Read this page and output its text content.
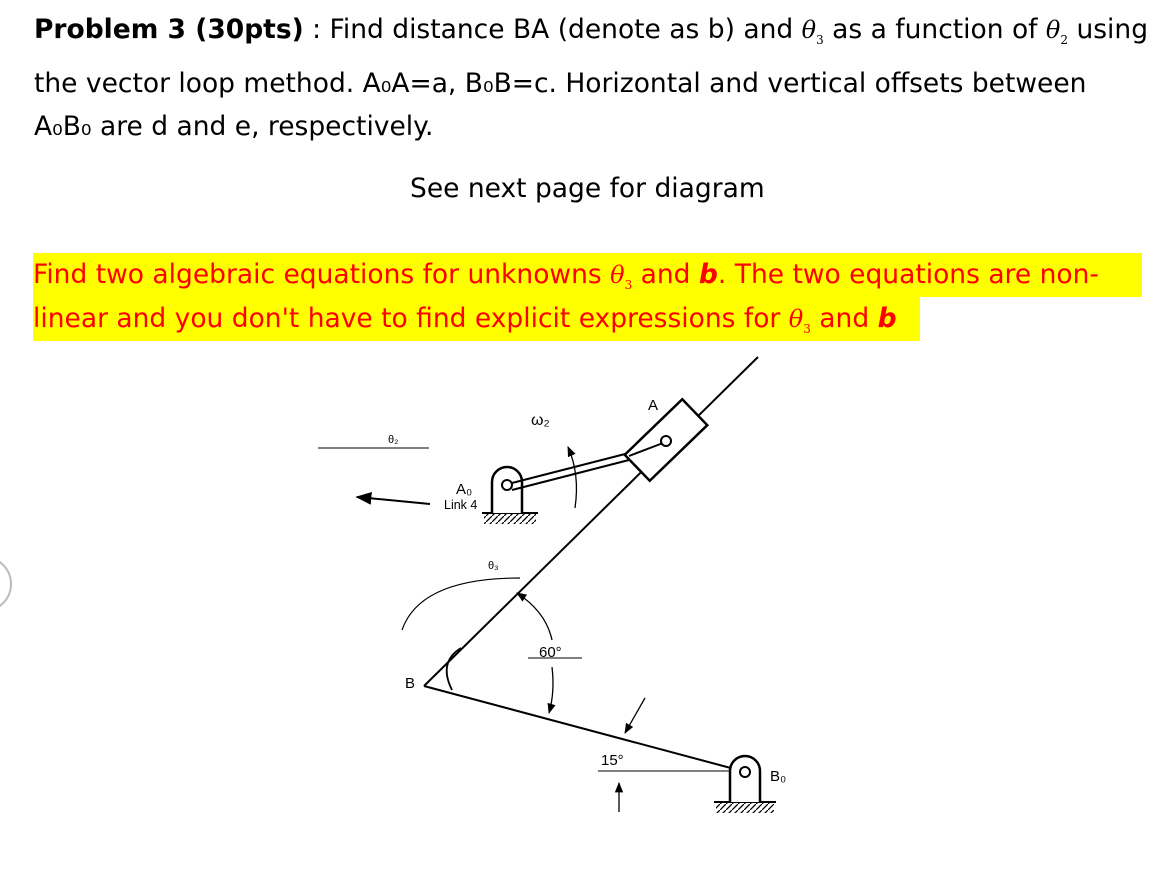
Problem 3 (30pts) : Find distance BA (denote as b) and $\theta_3$ as a function of $\theta_2$ using
the vector loop method. A₀A=a, B₀B=c. Horizontal and vertical offsets between
A₀B₀ are d and e, respectively.
See next page for diagram
Find two algebraic equations for unknowns $\theta_3$ and b. The two equations are non-
linear and you don't have to find explicit expressions for $\theta_3$ and b
θ₂
A₀
Link 4
ω₂
A
θ₃
B
60°
15°
B₀
